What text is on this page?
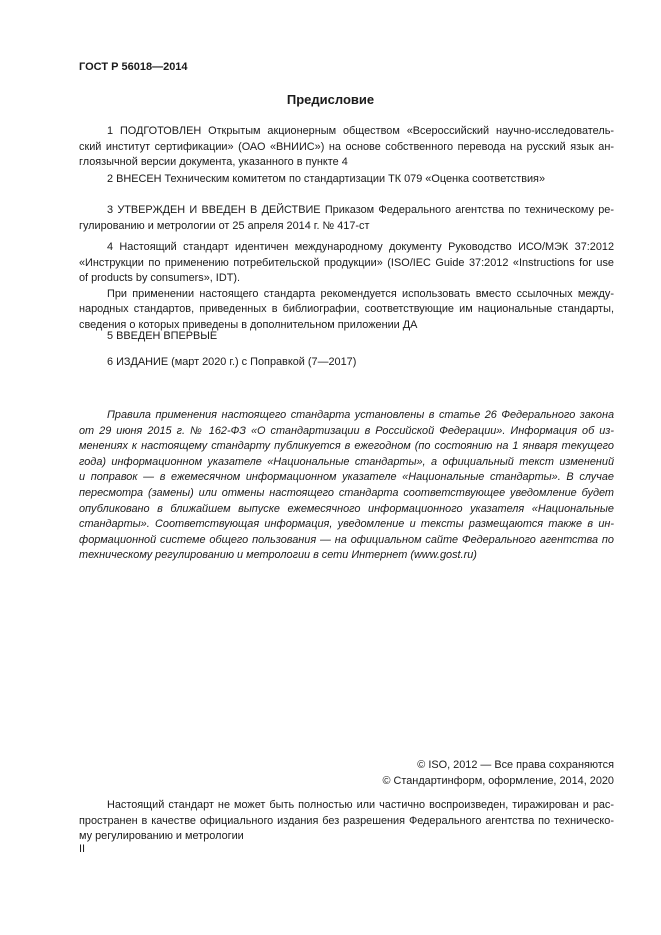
ГОСТ Р 56018—2014
Предисловие
1 ПОДГОТОВЛЕН Открытым акционерным обществом «Всероссийский научно-исследователь-
ский институт сертификации» (ОАО «ВНИИС») на основе собственного перевода на русский язык ан-
глоязычной версии документа, указанного в пункте 4
2 ВНЕСЕН Техническим комитетом по стандартизации ТК 079 «Оценка соответствия»
3 УТВЕРЖДЕН И ВВЕДЕН В ДЕЙСТВИЕ Приказом Федерального агентства по техническому ре-
гулированию и метрологии от 25 апреля 2014 г. № 417-ст
4 Настоящий стандарт идентичен международному документу Руководство ИСО/МЭК 37:2012
«Инструкции по применению потребительской продукции» (ISO/IEC Guide 37:2012 «Instructions for use
of products by consumers», IDT).
При применении настоящего стандарта рекомендуется использовать вместо ссылочных между-
народных стандартов, приведенных в библиографии, соответствующие им национальные стандарты,
сведения о которых приведены в дополнительном приложении ДА
5 ВВЕДЕН ВПЕРВЫЕ
6 ИЗДАНИЕ (март 2020 г.) с Поправкой (7—2017)
Правила применения настоящего стандарта установлены в статье 26 Федерального закона
от 29 июня 2015 г. № 162-ФЗ «О стандартизации в Российской Федерации». Информация об из-
менениях к настоящему стандарту публикуется в ежегодном (по состоянию на 1 января текущего
года) информационном указателе «Национальные стандарты», а официальный текст изменений
и поправок — в ежемесячном информационном указателе «Национальные стандарты». В случае
пересмотра (замены) или отмены настоящего стандарта соответствующее уведомление будет
опубликовано в ближайшем выпуске ежемесячного информационного указателя «Национальные
стандарты». Соответствующая информация, уведомление и тексты размещаются также в ин-
формационной системе общего пользования — на официальном сайте Федерального агентства по
техническому регулированию и метрологии в сети Интернет (www.gost.ru)
© ISO, 2012 — Все права сохраняются
© Стандартинформ, оформление, 2014, 2020
Настоящий стандарт не может быть полностью или частично воспроизведен, тиражирован и рас-
пространен в качестве официального издания без разрешения Федерального агентства по техническо-
му регулированию и метрологии
II
